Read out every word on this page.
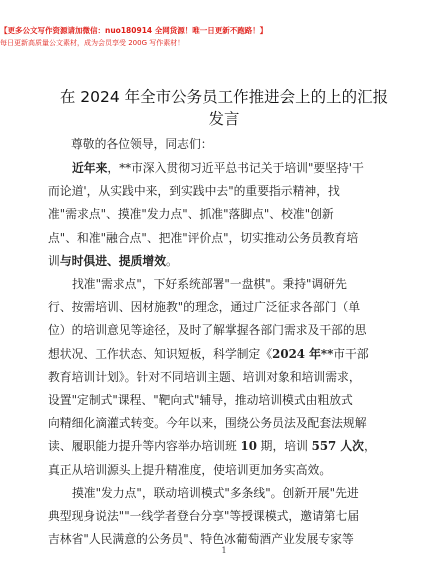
【更多公文写作资源请加微信：nuo180914 全网货源！唯一日更新不跑路！】
每日更新高质量公文素材，成为会员享受 200G 写作素材！
在 2024 年全市公务员工作推进会上的上的汇报
发言
尊敬的各位领导，同志们：
近年来，**市深入贯彻习近平总书记关于培训"要坚持'干
而论道'，从实践中来，到实践中去"的重要指示精神，找
准"需求点"、摸准"发力点"、抓准"落脚点"、校准"创新
点"、和准"融合点"、把准"评价点"，切实推动公务员教育培
训与时俱进、提质增效。
找准"需求点"，下好系统部署"一盘棋"。秉持"调研先
行、按需培训、因材施教"的理念，通过广泛征求各部门（单
位）的培训意见等途径，及时了解掌握各部门需求及干部的思
想状况、工作状态、知识短板，科学制定《2024 年**市干部
教育培训计划》。针对不同培训主题、培训对象和培训需求，
设置"定制式"课程、"靶向式"辅导，推动培训模式由粗放式
向精细化滴灌式转变。今年以来，围绕公务员法及配套法规解
读、履职能力提升等内容举办培训班 10 期，培训 557 人次，
真正从培训源头上提升精准度，使培训更加务实高效。
摸准"发力点"，联动培训模式"多条线"。创新开展"先进
典型现身说法""一线学者登台分享"等授课模式，邀请第七届
吉林省"人民满意的公务员"、特色冰葡萄酒产业发展专家等
1
